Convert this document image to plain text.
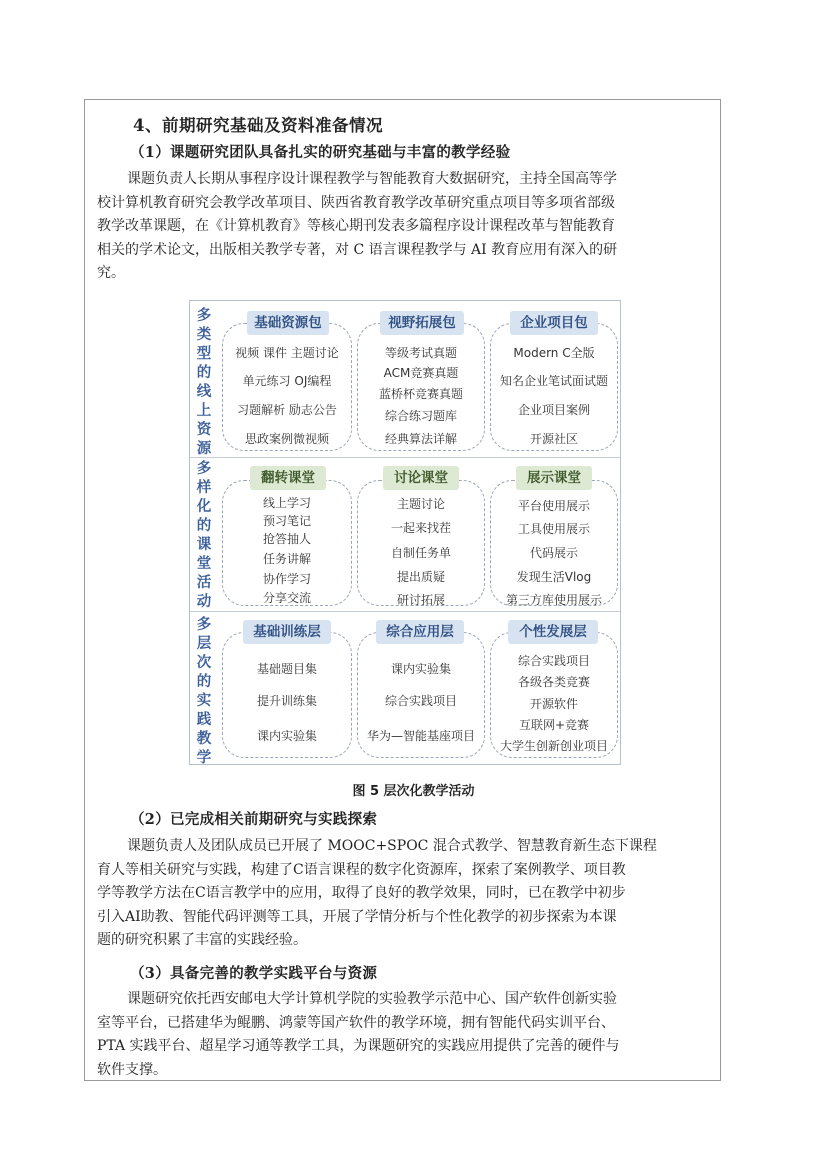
4、前期研究基础及资料准备情况
（1）课题研究团队具备扎实的研究基础与丰富的教学经验
课题负责人长期从事程序设计课程教学与智能教育大数据研究，主持全国高等学
校计算机教育研究会教学改革项目、陕西省教育教学改革研究重点项目等多项省部级
教学改革课题，在《计算机教育》等核心期刊发表多篇程序设计课程改革与智能教育
相关的学术论文，出版相关教学专著，对 C 语言课程教学与 AI 教育应用有深入的研
究。
多
类
型
的
线
上
资
源
基础资源包
视频 课件 主题讨论
单元练习 OJ编程
习题解析 励志公告
思政案例微视频
视野拓展包
等级考试真题
ACM竞赛真题
蓝桥杯竞赛真题
综合练习题库
经典算法详解
企业项目包
Modern C全版
知名企业笔试面试题
企业项目案例
开源社区
多
样
化
的
课
堂
活
动
翻转课堂
线上学习
预习笔记
抢答抽人
任务讲解
协作学习
分享交流
讨论课堂
主题讨论
一起来找茬
自制任务单
提出质疑
研讨拓展
展示课堂
平台使用展示
工具使用展示
代码展示
发现生活Vlog
第三方库使用展示
多
层
次
的
实
践
教
学
基础训练层
基础题目集
提升训练集
课内实验集
综合应用层
课内实验集
综合实践项目
华为—智能基座项目
个性发展层
综合实践项目
各级各类竞赛
开源软件
互联网+竞赛
大学生创新创业项目
图 5 层次化教学活动
（2）已完成相关前期研究与实践探索
课题负责人及团队成员已开展了 MOOC+SPOC 混合式教学、智慧教育新生态下课程
育人等相关研究与实践，构建了C语言课程的数字化资源库，探索了案例教学、项目教
学等教学方法在C语言教学中的应用，取得了良好的教学效果，同时，已在教学中初步
引入AI助教、智能代码评测等工具，开展了学情分析与个性化教学的初步探索为本课
题的研究积累了丰富的实践经验。
（3）具备完善的教学实践平台与资源
课题研究依托西安邮电大学计算机学院的实验教学示范中心、国产软件创新实验
室等平台，已搭建华为鲲鹏、鸿蒙等国产软件的教学环境，拥有智能代码实训平台、
PTA 实践平台、超星学习通等教学工具，为课题研究的实践应用提供了完善的硬件与
软件支撑。
